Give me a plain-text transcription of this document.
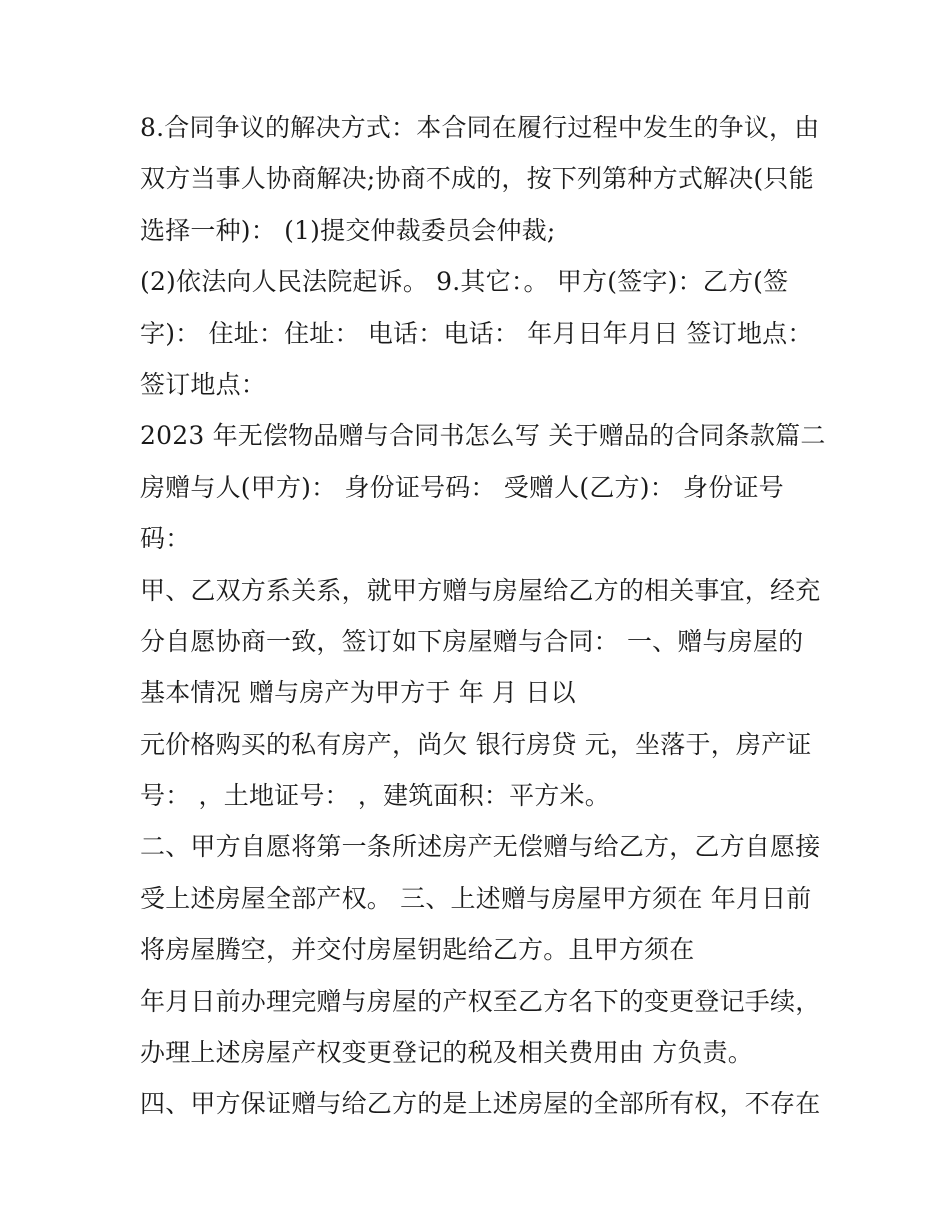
8.合同争议的解决方式：本合同在履行过程中发生的争议，由
双方当事人协商解决;协商不成的，按下列第种方式解决(只能
选择一种)： (1)提交仲裁委员会仲裁;
(2)依法向人民法院起诉。 9.其它：。 甲方(签字)：乙方(签
字)： 住址：住址： 电话：电话： 年月日年月日 签订地点：
签订地点：
2023 年无偿物品赠与合同书怎么写 关于赠品的合同条款篇二
房赠与人(甲方)： 身份证号码： 受赠人(乙方)： 身份证号
码：
甲、乙双方系关系，就甲方赠与房屋给乙方的相关事宜，经充
分自愿协商一致，签订如下房屋赠与合同： 一、赠与房屋的
基本情况 赠与房产为甲方于 年 月 日以
元价格购买的私有房产，尚欠 银行房贷 元，坐落于，房产证
号： ，土地证号： ，建筑面积：平方米。
二、甲方自愿将第一条所述房产无偿赠与给乙方，乙方自愿接
受上述房屋全部产权。 三、上述赠与房屋甲方须在 年月日前
将房屋腾空，并交付房屋钥匙给乙方。且甲方须在
年月日前办理完赠与房屋的产权至乙方名下的变更登记手续，
办理上述房屋产权变更登记的税及相关费用由 方负责。
四、甲方保证赠与给乙方的是上述房屋的全部所有权，不存在
